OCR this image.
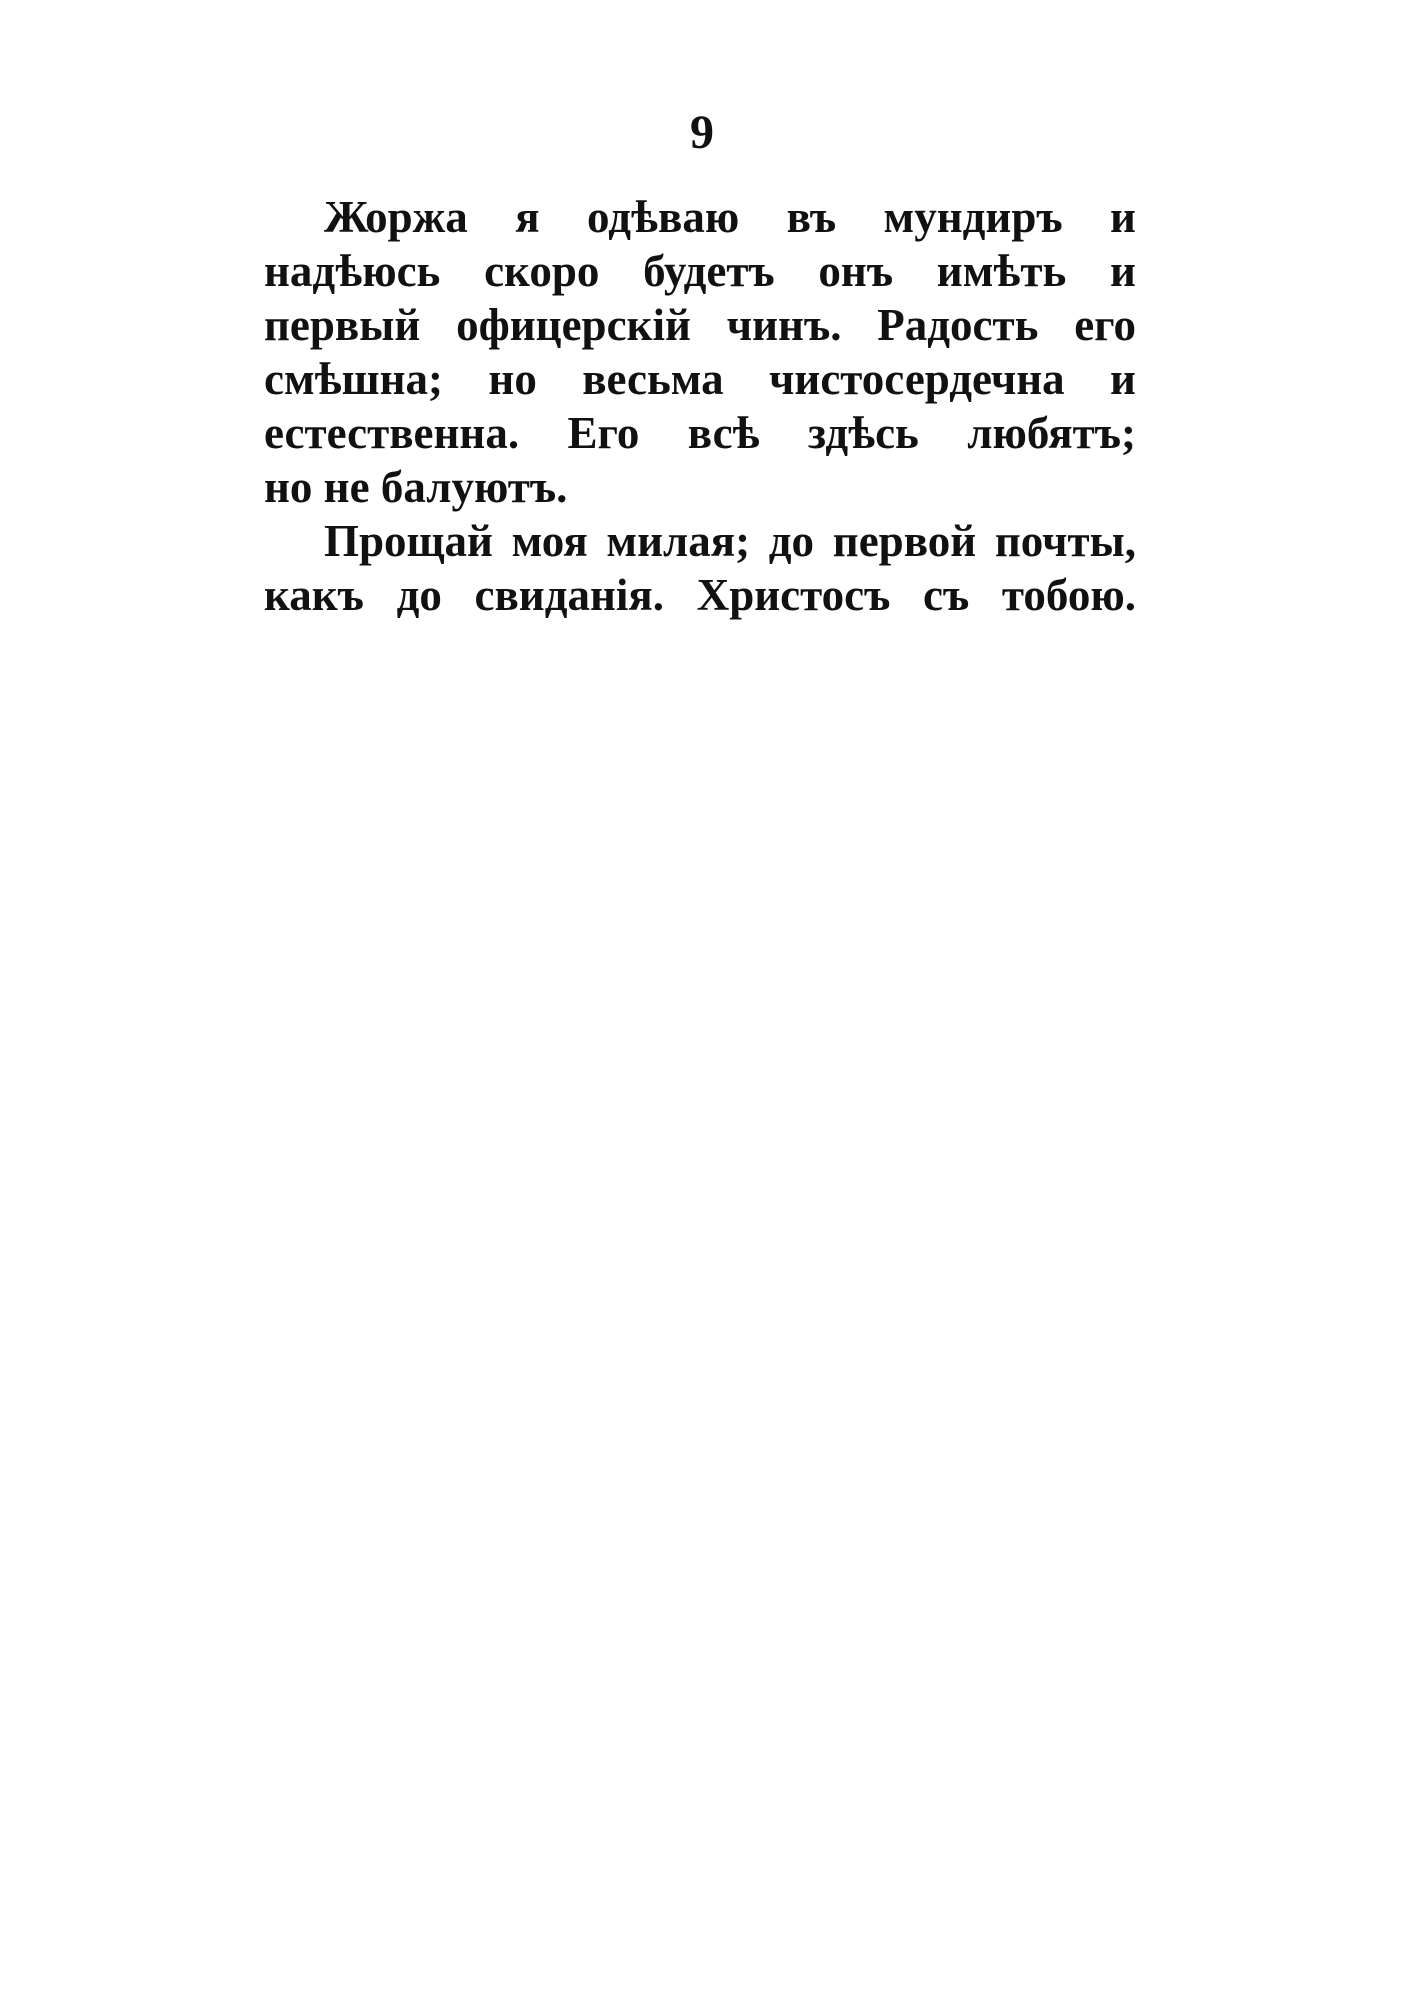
9
Жоржа я одѣваю въ мундиръ и
надѣюсь скоро будетъ онъ имѣть и
первый офицерскій чинъ. Радость его
смѣшна; но весьма чистосердечна и
естественна. Его всѣ здѣсь любятъ;
но не балуютъ.
Прощай моя милая; до первой почты,
какъ до свиданія. Христосъ съ тобою.
